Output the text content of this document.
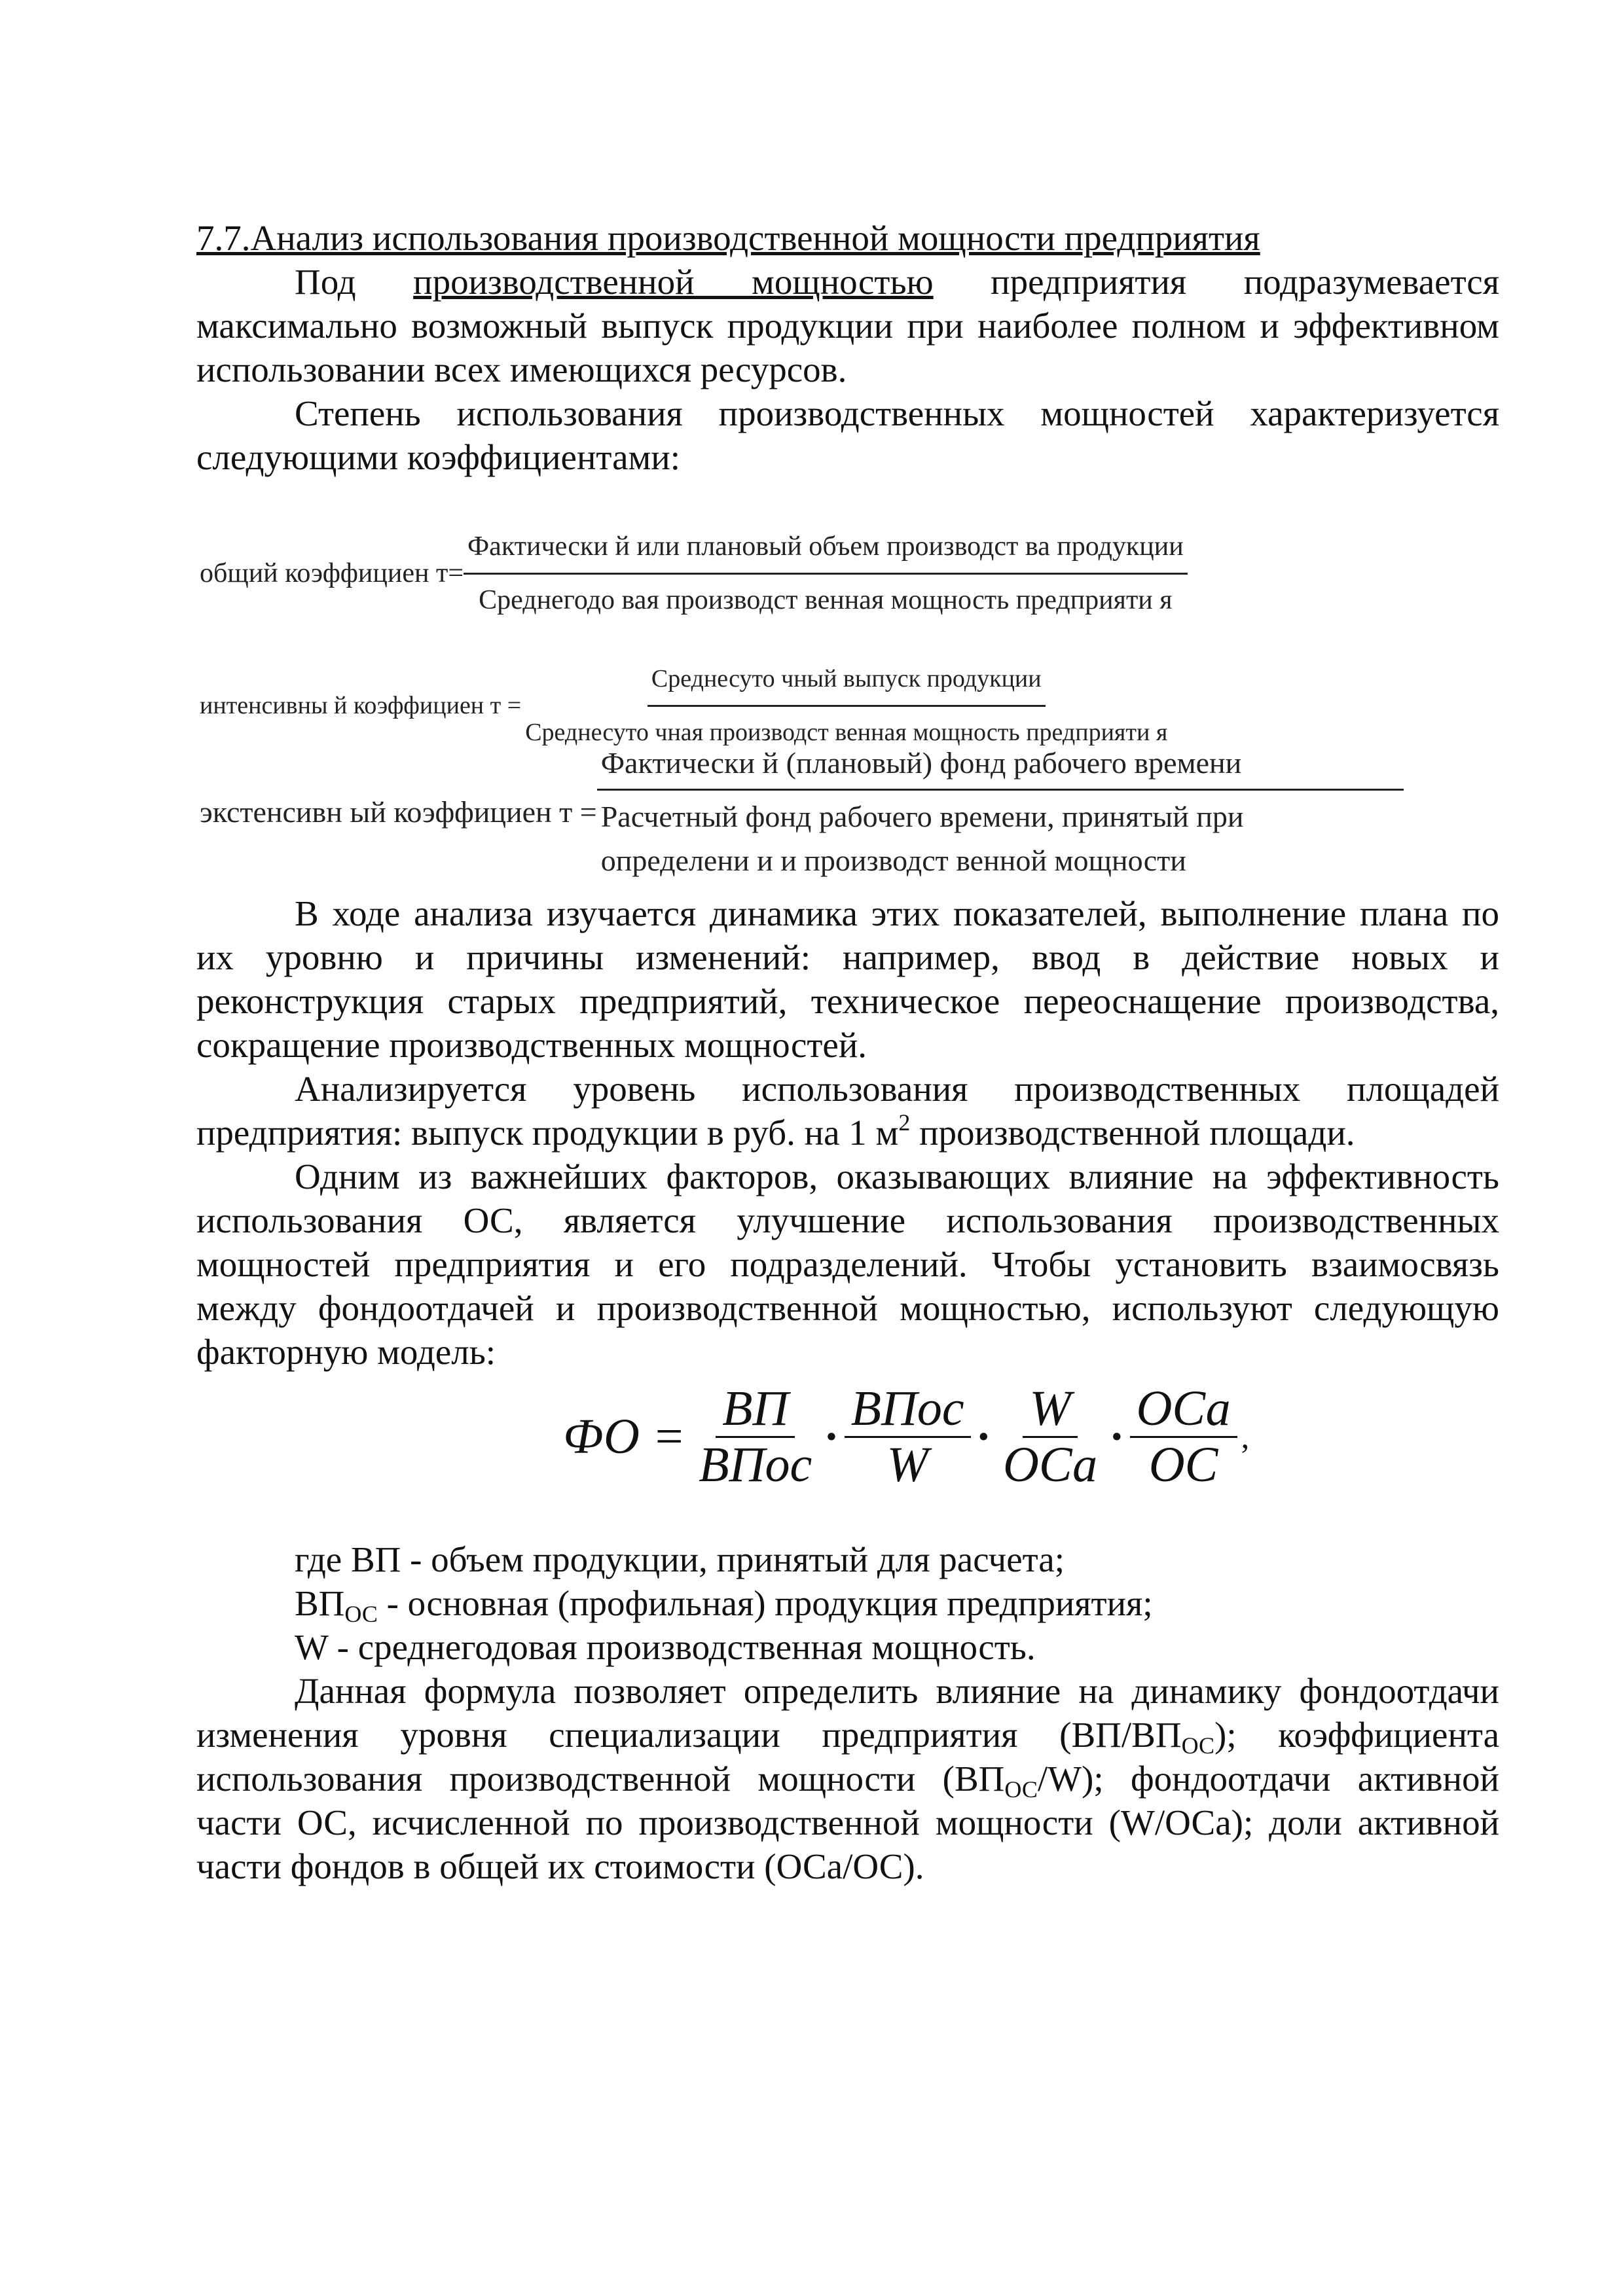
7.7.Анализ использования производственной мощности предприятия

Под производственной мощностью предприятия подразумевается максимально возможный выпуск продукции при наиболее полном и эффективном использовании всех имеющихся ресурсов.

Степень использования производственных мощностей характеризуется следующими коэффициентами:

общий коэффициен $т= \frac{\text{Фактически й или плановый объем производст ва продукции}}{\text{Среднегодо вая производст венная мощность предприяти я}}$
интенсивны й коэффициен $т = \frac{\text{Среднесуто чный выпуск продукции}}{\text{Среднесуто чная производст венная мощность предприяти я}}$
экстенсивн ый коэффициен т =
Фактически й (плановый) фонд рабочего времени
Расчетный фонд рабочего времени, принятый при
определени и и производст венной мощности

В ходе анализа изучается динамика этих показателей, выполнение плана по их уровню и причины изменений: например, ввод в действие новых и реконструкция старых предприятий, техническое переоснащение производства, сокращение производственных мощностей.

Анализируется уровень использования производственных площадей предприятия: выпуск продукции в руб. на 1 $м^2$ производственной площади.

Одним из важнейших факторов, оказывающих влияние на эффективность использования ОС, является улучшение использования производственных мощностей предприятия и его подразделений. Чтобы установить взаимосвязь между фондоотдачей и производственной мощностью, используют следующую факторную модель:

ФО = $\frac{ВП}{\text{ВПос}} \cdot \frac{\text{ВПос}}{W} \cdot \frac{W}{\text{ОСа}} \cdot \frac{\text{ОСа}}{ОС}$ ,

где ВП - объем продукции, принятый для расчета;

$ВП_{ОС}$ - основная (профильная) продукция предприятия;

W - среднегодовая производственная мощность.

Данная формула позволяет определить влияние на динамику фондоотдачи изменения уровня специализации предприятия $(ВП/ВП_{ОС})$; коэффициента использования производственной мощности $(ВП_{ОС}/W)$; фондоотдачи активной части ОС, исчисленной по производственной мощности (W/ОСа); доли активной части фондов в общей их стоимости (ОСа/ОС).
